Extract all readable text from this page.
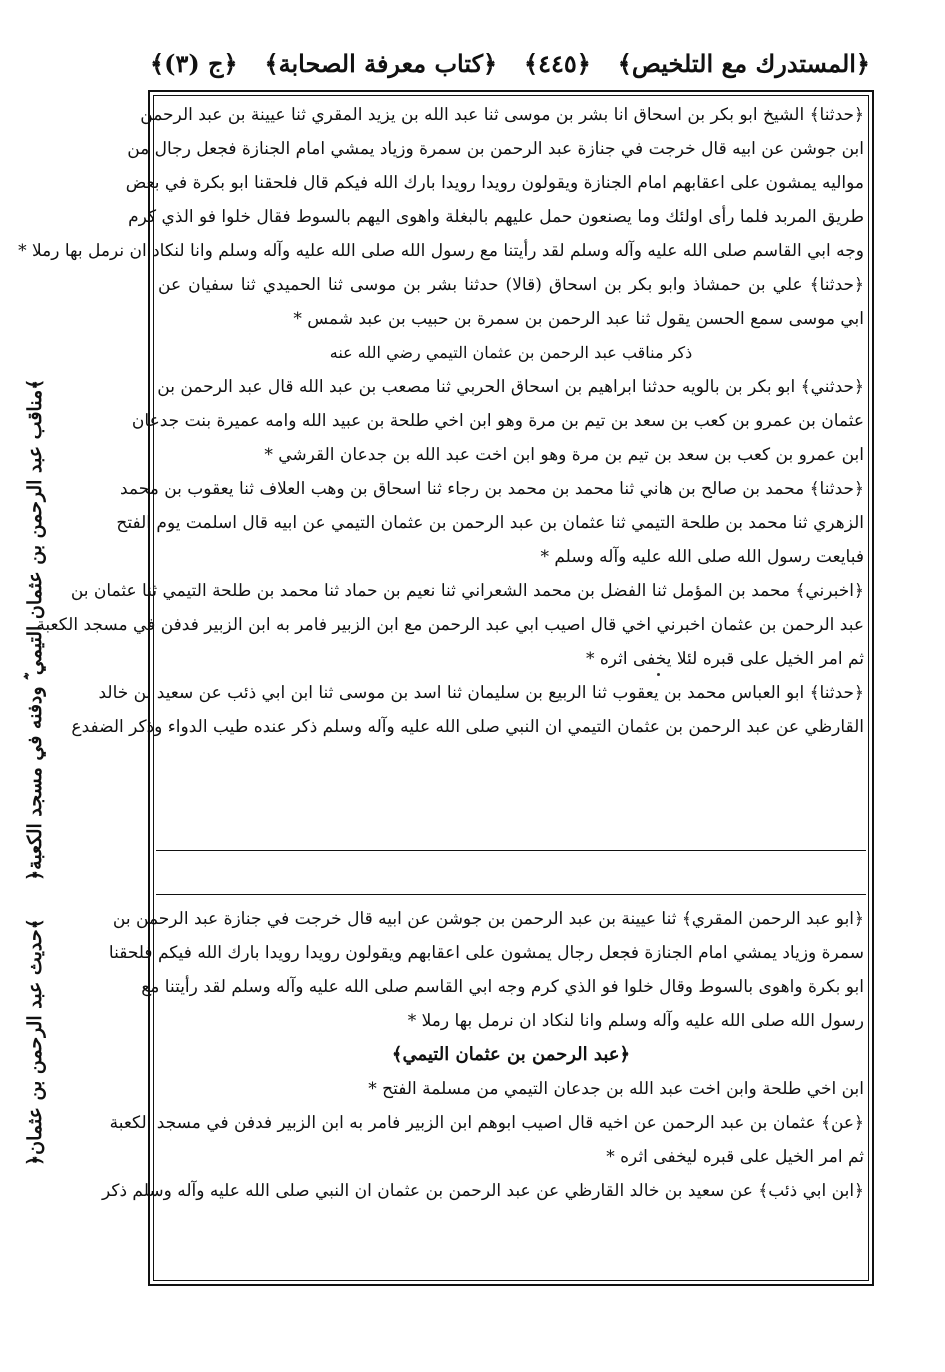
﴿المستدرك مع التلخيص﴾
﴿٤٤٥﴾
﴿كتاب معرفة الصحابة﴾
﴿ج (٣)﴾
﴿مناقب عبد الرحمن بن عثمان التيمي ؓ ودفنه في مسجد الكعبة﴾
﴿حديث عبد الرحمن بن عثمان﴾
﴿حدثنا﴾ الشيخ ابو بكر بن اسحاق انا بشر بن موسى ثنا عبد الله بن يزيد المقري ثنا عيينة بن عبد الرحمن
ابن جوشن عن ابيه قال خرجت في جنازة عبد الرحمن بن سمرة وزياد يمشي امام الجنازة فجعل رجال من
مواليه يمشون على اعقابهم امام الجنازة ويقولون رويدا رويدا بارك الله فيكم قال فلحقنا ابو بكرة في بعض
طريق المربد فلما رأى اولئك وما يصنعون حمل عليهم بالبغلة واهوى اليهم بالسوط فقال خلوا فو الذي كرم
وجه ابي القاسم صلى الله عليه وآله وسلم لقد رأيتنا مع رسول الله صلى الله عليه وآله وسلم وانا لنكاد ان نرمل بها رملا *
﴿حدثنا﴾ علي بن حمشاذ وابو بكر بن اسحاق (قالا) حدثنا بشر بن موسى ثنا الحميدي ثنا سفيان عن
ابي موسى سمع الحسن يقول ثنا عبد الرحمن بن سمرة بن حبيب بن عبد شمس *
ذكر مناقب عبد الرحمن بن عثمان التيمي رضي الله عنه
﴿حدثني﴾ ابو بكر بن بالويه حدثنا ابراهيم بن اسحاق الحربي ثنا مصعب بن عبد الله قال عبد الرحمن بن
عثمان بن عمرو بن كعب بن سعد بن تيم بن مرة وهو ابن اخي طلحة بن عبيد الله وامه عميرة بنت جدعان
ابن عمرو بن كعب بن سعد بن تيم بن مرة وهو ابن اخت عبد الله بن جدعان القرشي *
﴿حدثنا﴾ محمد بن صالح بن هاني ثنا محمد بن محمد بن رجاء ثنا اسحاق بن وهب العلاف ثنا يعقوب بن محمد
الزهري ثنا محمد بن طلحة التيمي ثنا عثمان بن عبد الرحمن بن عثمان التيمي عن ابيه قال اسلمت يوم الفتح
فبايعت رسول الله صلى الله عليه وآله وسلم *
﴿اخبرني﴾ محمد بن المؤمل ثنا الفضل بن محمد الشعراني ثنا نعيم بن حماد ثنا محمد بن طلحة التيمي ثنا عثمان بن
عبد الرحمن بن عثمان اخبرني اخي قال اصيب ابي عبد الرحمن مع ابن الزبير فامر به ابن الزبير فدفن في مسجد الكعبة
ثم امر الخيل على قبره لئلا يخفى اثره *
﴿حدثنا﴾ ابو العباس محمد بن يعقوب ثنا الربيع بن سليمان ثنا اسد بن موسى ثنا ابن ابي ذئب عن سعيد بن خالد
القارظي عن عبد الرحمن بن عثمان التيمي ان النبي صلى الله عليه وآله وسلم ذكر عنده طيب الدواء وذكر الضفدع
﴿ابو عبد الرحمن المقري﴾ ثنا عيينة بن عبد الرحمن بن جوشن عن ابيه قال خرجت في جنازة عبد الرحمن بن
سمرة وزياد يمشي امام الجنازة فجعل رجال يمشون على اعقابهم ويقولون رويدا رويدا بارك الله فيكم فلحقنا
ابو بكرة واهوى بالسوط وقال خلوا فو الذي كرم وجه ابي القاسم صلى الله عليه وآله وسلم لقد رأيتنا مع
رسول الله صلى الله عليه وآله وسلم وانا لنكاد ان نرمل بها رملا *
﴿عبد الرحمن بن عثمان التيمي﴾
ابن اخي طلحة وابن اخت عبد الله بن جدعان التيمي من مسلمة الفتح *
﴿عن﴾ عثمان بن عبد الرحمن عن اخيه قال اصيب ابوهم ابن الزبير فامر به ابن الزبير فدفن في مسجد الكعبة
ثم امر الخيل على قبره ليخفى اثره *
﴿ابن ابي ذئب﴾ عن سعيد بن خالد القارظي عن عبد الرحمن بن عثمان ان النبي صلى الله عليه وآله وسلم ذكر
